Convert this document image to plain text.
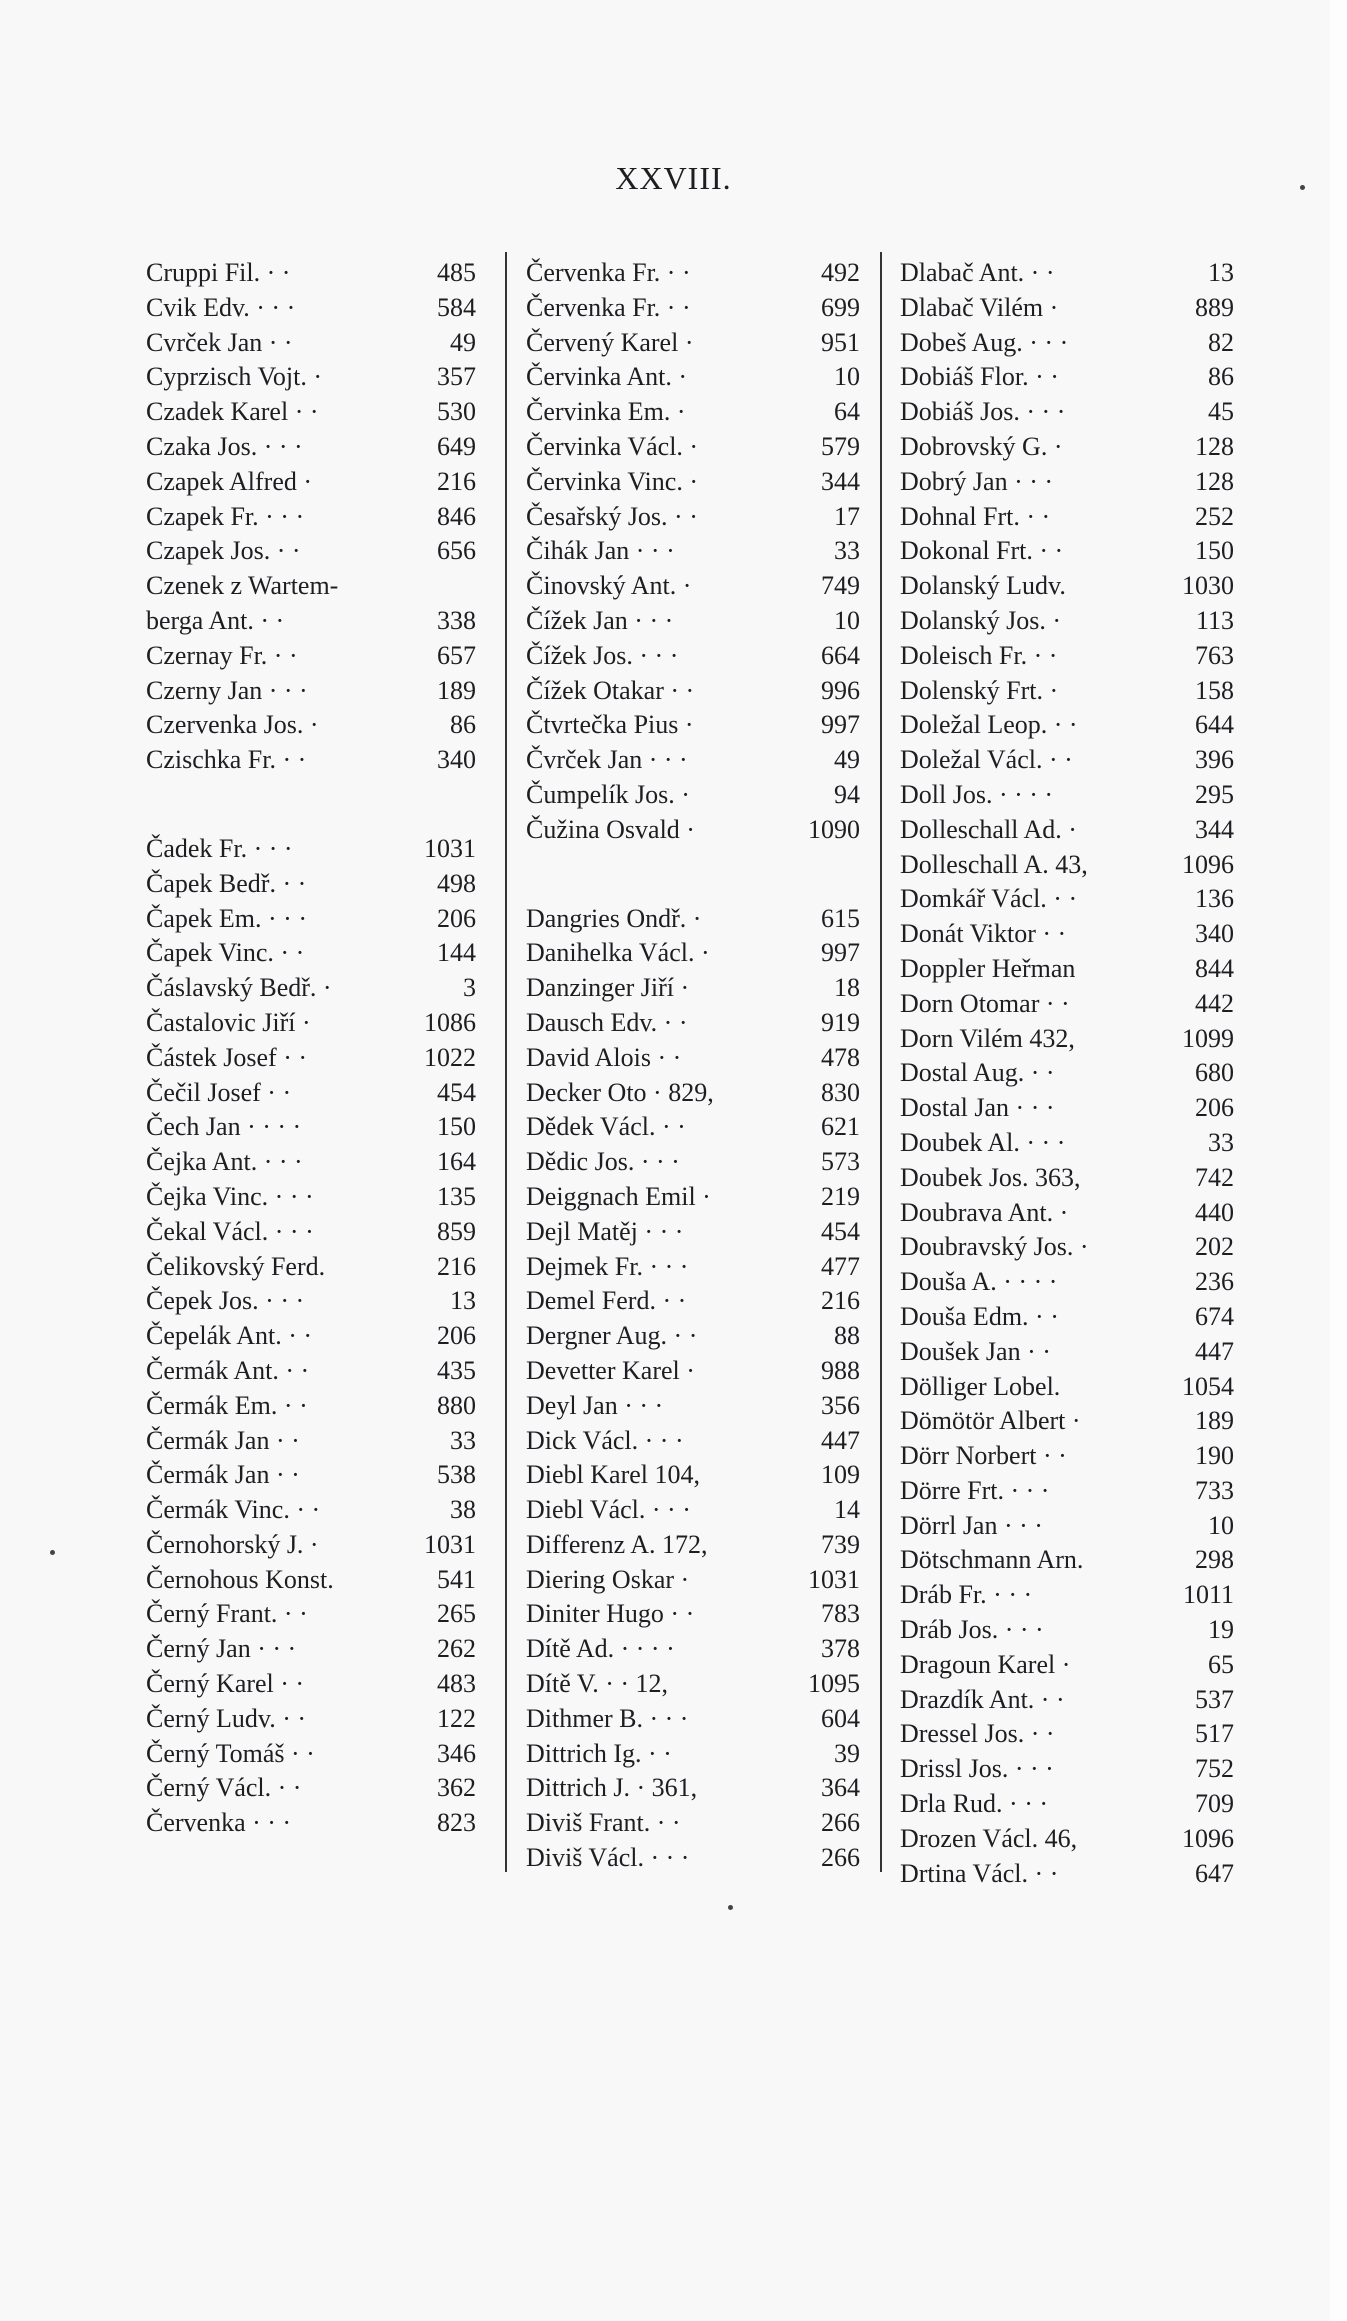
XXVIII.
Cruppi Fil. · ·	485
Cvik Edv. · · ·	584
Cvrček Jan · ·	49
Cyprzisch Vojt. ·	357
Czadek Karel · ·	530
Czaka Jos. · · ·	649
Czapek Alfred ·	216
Czapek Fr. · · ·	846
Czapek Jos. · ·	656
Czenek z Wartem-
berga Ant. · ·	338
Czernay Fr. · ·	657
Czerny Jan · · ·	189
Czervenka Jos. ·	86
Czischka Fr. · ·	340
Čadek Fr. · · ·	1031
Čapek Bedř. · ·	498
Čapek Em. · · ·	206
Čapek Vinc. · ·	144
Čáslavský Bedř. ·	3
Častalovic Jiří ·	1086
Částek Josef · ·	1022
Čečil Josef · ·	454
Čech Jan · · · ·	150
Čejka Ant. · · ·	164
Čejka Vinc. · · ·	135
Čekal Václ. · · ·	859
Čelikovský Ferd.	216
Čepek Jos. · · ·	13
Čepelák Ant. · ·	206
Čermák Ant. · ·	435
Čermák Em. · ·	880
Čermák Jan · ·	33
Čermák Jan · ·	538
Čermák Vinc. · ·	38
Černohorský J. ·	1031
Černohous Konst.	541
Černý Frant. · ·	265
Černý Jan · · ·	262
Černý Karel · ·	483
Černý Ludv. · ·	122
Černý Tomáš · ·	346
Černý Václ. · ·	362
Červenka · · ·	823
Červenka Fr. · ·	492
Červenka Fr. · ·	699
Červený Karel ·	951
Červinka Ant. ·	10
Červinka Em. ·	64
Červinka Václ. ·	579
Červinka Vinc. ·	344
Česařský Jos. · ·	17
Čihák Jan · · ·	33
Činovský Ant. ·	749
Čížek Jan · · ·	10
Čížek Jos. · · ·	664
Čížek Otakar · ·	996
Čtvrtečka Pius ·	997
Čvrček Jan · · ·	49
Čumpelík Jos. ·	94
Čužina Osvald ·	1090
Dangries Ondř. ·	615
Danihelka Václ. ·	997
Danzinger Jiří ·	18
Dausch Edv. · ·	919
David Alois · ·	478
Decker Oto · 829,	830
Dědek Václ. · ·	621
Dědic Jos. · · ·	573
Deiggnach Emil ·	219
Dejl Matěj · · ·	454
Dejmek Fr. · · ·	477
Demel Ferd. · ·	216
Dergner Aug. · ·	88
Devetter Karel ·	988
Deyl Jan · · ·	356
Dick Václ. · · ·	447
Diebl Karel 104,	109
Diebl Václ. · · ·	14
Differenz A. 172,	739
Diering Oskar ·	1031
Diniter Hugo · ·	783
Dítě Ad. · · · ·	378
Dítě V. · · 12,	1095
Dithmer B. · · ·	604
Dittrich Ig. · ·	39
Dittrich J. · 361,	364
Diviš Frant. · ·	266
Diviš Václ. · · ·	266
Dlabač Ant. · ·	13
Dlabač Vilém ·	889
Dobeš Aug. · · ·	82
Dobiáš Flor. · ·	86
Dobiáš Jos. · · ·	45
Dobrovský G. ·	128
Dobrý Jan · · ·	128
Dohnal Frt. · ·	252
Dokonal Frt. · ·	150
Dolanský Ludv.	1030
Dolanský Jos. ·	113
Doleisch Fr. · ·	763
Dolenský Frt. ·	158
Doležal Leop. · ·	644
Doležal Václ. · ·	396
Doll Jos. · · · ·	295
Dolleschall Ad. ·	344
Dolleschall A. 43,	1096
Domkář Václ. · ·	136
Donát Viktor · ·	340
Doppler Heřman	844
Dorn Otomar · ·	442
Dorn Vilém 432,	1099
Dostal Aug. · ·	680
Dostal Jan · · ·	206
Doubek Al. · · ·	33
Doubek Jos. 363,	742
Doubrava Ant. ·	440
Doubravský Jos. ·	202
Douša A. · · · ·	236
Douša Edm. · ·	674
Doušek Jan · ·	447
Dölliger Lobel.	1054
Dömötör Albert ·	189
Dörr Norbert · ·	190
Dörre Frt. · · ·	733
Dörrl Jan · · ·	10
Dötschmann Arn.	298
Dráb Fr. · · ·	1011
Dráb Jos. · · ·	19
Dragoun Karel ·	65
Drazdík Ant. · ·	537
Dressel Jos. · ·	517
Drissl Jos. · · ·	752
Drla Rud. · · ·	709
Drozen Václ. 46,	1096
Drtina Václ. · ·	647
